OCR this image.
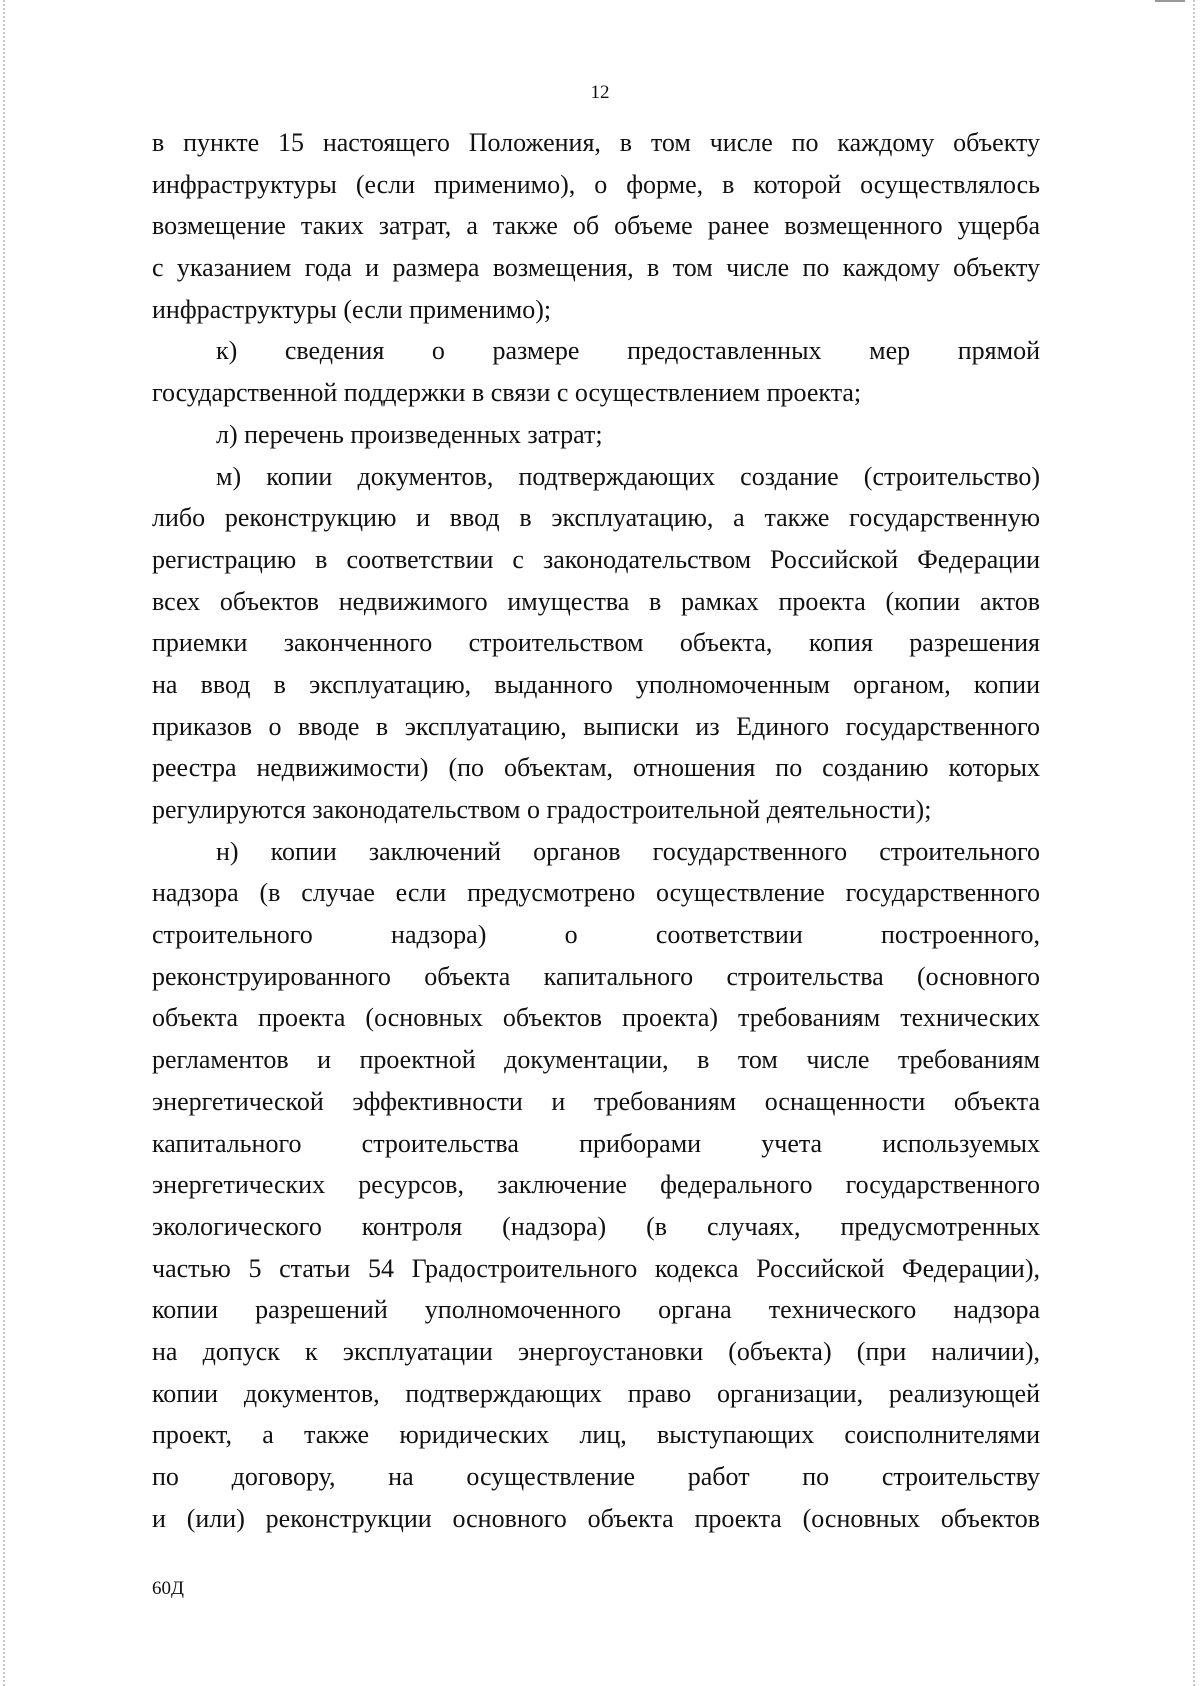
12
в пункте 15 настоящего Положения, в том числе по каждому объекту
инфраструктуры (если применимо), о форме, в которой осуществлялось
возмещение таких затрат, а также об объеме ранее возмещенного ущерба
с указанием года и размера возмещения, в том числе по каждому объекту
инфраструктуры (если применимо);
к) сведения о размере предоставленных мер прямой
государственной поддержки в связи с осуществлением проекта;
л) перечень произведенных затрат;
м) копии документов, подтверждающих создание (строительство)
либо реконструкцию и ввод в эксплуатацию, а также государственную
регистрацию в соответствии с законодательством Российской Федерации
всех объектов недвижимого имущества в рамках проекта (копии актов
приемки законченного строительством объекта, копия разрешения
на ввод в эксплуатацию, выданного уполномоченным органом, копии
приказов о вводе в эксплуатацию, выписки из Единого государственного
реестра недвижимости) (по объектам, отношения по созданию которых
регулируются законодательством о градостроительной деятельности);
н) копии заключений органов государственного строительного
надзора (в случае если предусмотрено осуществление государственного
строительного надзора) о соответствии построенного,
реконструированного объекта капитального строительства (основного
объекта проекта (основных объектов проекта) требованиям технических
регламентов и проектной документации, в том числе требованиям
энергетической эффективности и требованиям оснащенности объекта
капитального строительства приборами учета используемых
энергетических ресурсов, заключение федерального государственного
экологического контроля (надзора) (в случаях, предусмотренных
частью 5 статьи 54 Градостроительного кодекса Российской Федерации),
копии разрешений уполномоченного органа технического надзора
на допуск к эксплуатации энергоустановки (объекта) (при наличии),
копии документов, подтверждающих право организации, реализующей
проект, а также юридических лиц, выступающих соисполнителями
по договору, на осуществление работ по строительству
и (или) реконструкции основного объекта проекта (основных объектов
60Д
